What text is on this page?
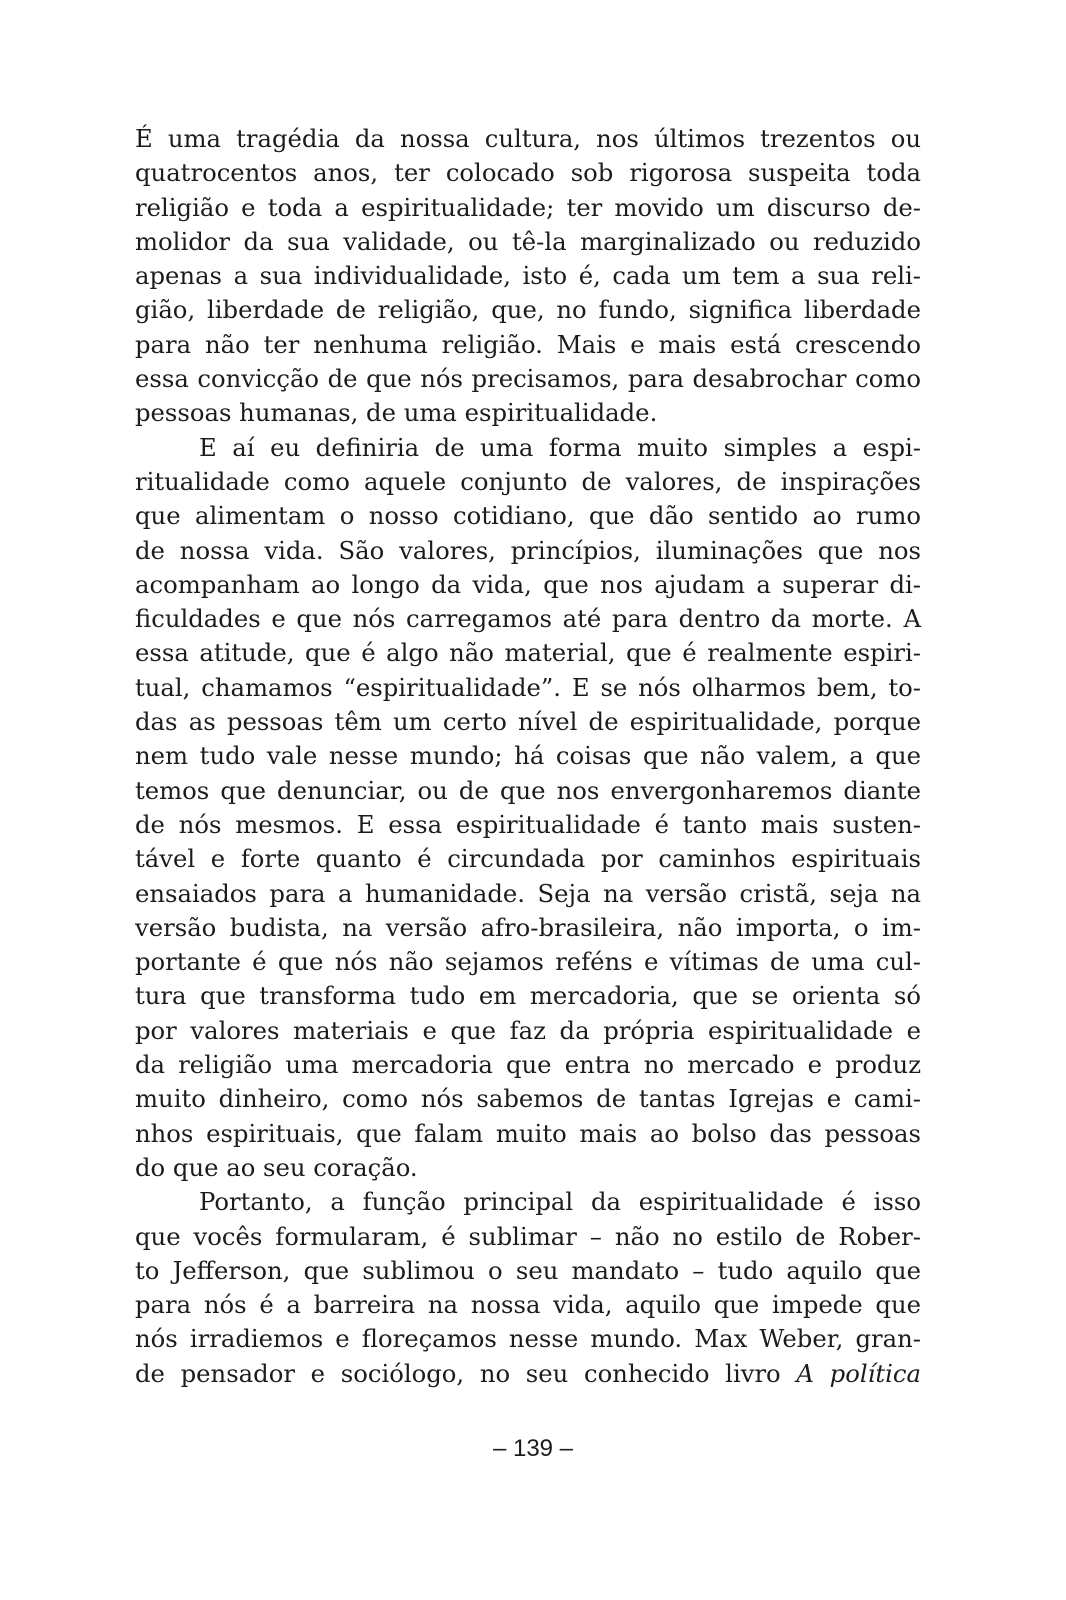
É uma tragédia da nossa cultura, nos últimos trezentos ou
quatrocentos anos, ter colocado sob rigorosa suspeita toda
religião e toda a espiritualidade; ter movido um discurso de-
molidor da sua validade, ou tê-la marginalizado ou reduzido
apenas a sua individualidade, isto é, cada um tem a sua reli-
gião, liberdade de religião, que, no fundo, significa liberdade
para não ter nenhuma religião. Mais e mais está crescendo
essa convicção de que nós precisamos, para desabrochar como
pessoas humanas, de uma espiritualidade.
E aí eu definiria de uma forma muito simples a espi-
ritualidade como aquele conjunto de valores, de inspirações
que alimentam o nosso cotidiano, que dão sentido ao rumo
de nossa vida. São valores, princípios, iluminações que nos
acompanham ao longo da vida, que nos ajudam a superar di-
ficuldades e que nós carregamos até para dentro da morte. A
essa atitude, que é algo não material, que é realmente espiri-
tual, chamamos “espiritualidade”. E se nós olharmos bem, to-
das as pessoas têm um certo nível de espiritualidade, porque
nem tudo vale nesse mundo; há coisas que não valem, a que
temos que denunciar, ou de que nos envergonharemos diante
de nós mesmos. E essa espiritualidade é tanto mais susten-
tável e forte quanto é circundada por caminhos espirituais
ensaiados para a humanidade. Seja na versão cristã, seja na
versão budista, na versão afro-brasileira, não importa, o im-
portante é que nós não sejamos reféns e vítimas de uma cul-
tura que transforma tudo em mercadoria, que se orienta só
por valores materiais e que faz da própria espiritualidade e
da religião uma mercadoria que entra no mercado e produz
muito dinheiro, como nós sabemos de tantas Igrejas e cami-
nhos espirituais, que falam muito mais ao bolso das pessoas
do que ao seu coração.
Portanto, a função principal da espiritualidade é isso
que vocês formularam, é sublimar – não no estilo de Rober-
to Jefferson, que sublimou o seu mandato – tudo aquilo que
para nós é a barreira na nossa vida, aquilo que impede que
nós irradiemos e floreçamos nesse mundo. Max Weber, gran-
de pensador e sociólogo, no seu conhecido livro A política
– 139 –
